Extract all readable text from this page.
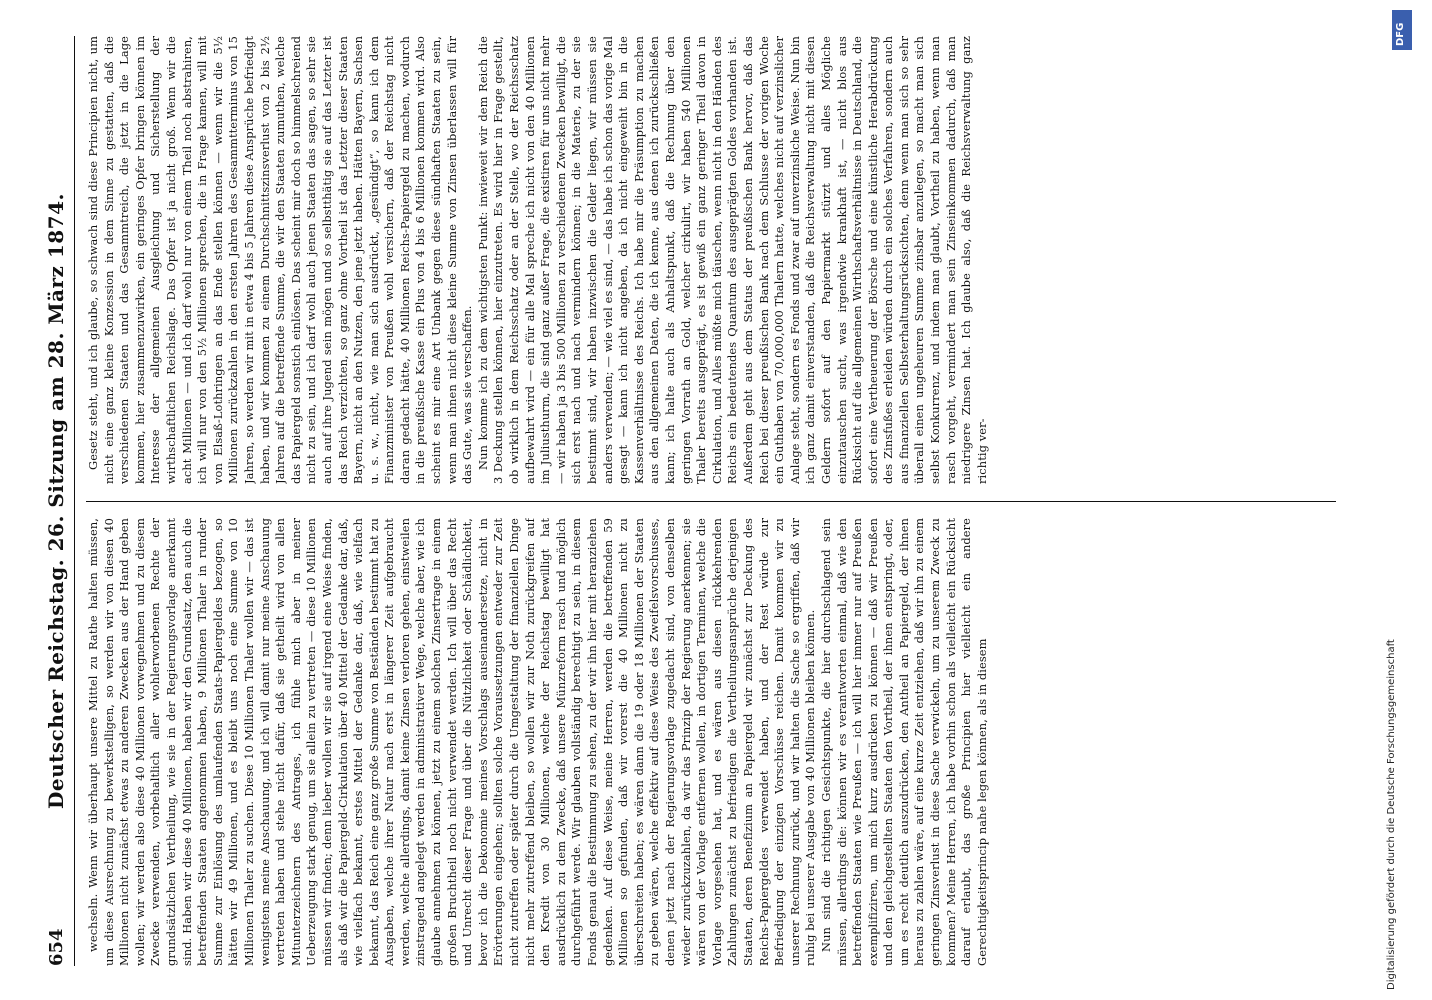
654
Deutscher Reichstag. 26. Sitzung am 28. März 1874. wechseln. Wenn wir überhaupt unsere Mittel zu Rathe halten müssen, um diese Ausrechnung zu bewerkstelligen, so werden wir von diesen 40 Millionen nicht zunächst etwas zu anderen Zwecken aus der Hand geben wollen; wir werden also diese 40 Millionen vorwegnehmen und zu diesem Zwecke verwenden, vorbehaltlich aller wohlerworbenen Rechte der grundsätzlichen Vertheilung, wie sie in der Regierungsvorlage anerkannt sind. Haben wir diese 40 Millionen, haben wir den Grundsatz, den auch die betreffenden Staaten angenommen haben, 9 Millionen Thaler in runder Summe zur Einlösung des umlaufenden Staats-Papiergeldes bezogen, so hätten wir 49 Millionen, und es bleibt uns noch eine Summe von 10 Millionen Thaler zu suchen. Diese 10 Millionen Thaler wollen wir — das ist wenigstens meine Anschauung, und ich will damit nur meine Anschauung vertreten haben und stehe nicht dafür, daß sie getheilt wird von allen Mitunterzeichnern des Antrages, ich fühle mich aber in meiner Ueberzeugung stark genug, um sie allein zu vertreten — diese 10 Millionen müssen wir finden; denn lieber wollen wir sie auf irgend eine Weise finden, als daß wir die Papiergeld-Cirkulation über 40 Mittel der Gedanke dar, daß, wie vielfach bekannt, erstes Mittel der Gedanke dar, daß, wie vielfach bekannt, das Reich eine ganz große Summe von Beständen bestimmt hat zu Ausgaben, welche ihrer Natur nach erst in längerer Zeit aufgebraucht werden, welche allerdings, damit keine Zinsen verloren gehen, einstweilen zinstragend angelegt werden in administrativer Wege, welche aber, wie ich glaube annehmen zu können, jetzt zu einem solchen Zinsertrage in einem großen Bruchtheil noch nicht verwendet werden. Ich will über das Recht und Unrecht dieser Frage und über die Nützlichkeit oder Schädlichkeit, bevor ich die Dekonomie meines Vorschlags auseinandersetze, nicht in Erörterungen eingehen; sollten solche Voraussetzungen entweder zur Zeit nicht zutreffen oder später durch die Umgestaltung der finanziellen Dinge nicht mehr zutreffend bleiben, so wollen wir zur Noth zurückgreifen auf den Kredit von 30 Millionen, welche der Reichstag bewilligt hat ausdrücklich zu dem Zwecke, daß unsere Münzreform rasch und möglich durchgeführt werde. Wir glauben vollständig berechtigt zu sein, in diesem Fonds genau die Bestimmung zu sehen, zu der wir ihn hier mit heranziehen gedenken. Auf diese Weise, meine Herren, werden die betreffenden 59 Millionen so gefunden, daß wir vorerst die 40 Millionen nicht zu überschreiten haben; es wären dann die 19 oder 18 Millionen der Staaten zu geben wären, welche effektiv auf diese Weise des Zweifelsvorschusses, denen jetzt nach der Regierungsvorlage zugedacht sind, von denselben wieder zurückzuzahlen, da wir das Prinzip der Regierung anerkennen; sie wären von der Vorlage entfernen wollen, in dortigen Terminen, welche die Vorlage vorgesehen hat, und es wären aus diesen rückkehrenden Zahlungen zunächst zu befriedigen die Vertheilungsansprüche derjenigen Staaten, deren Benefizium an Papiergeld wir zunächst zur Deckung des Reichs-Papiergeldes verwendet haben, und der Rest würde zur Befriedigung der einzigen Vorschüsse reichen. Damit kommen wir zu unserer Rechnung zurück, und wir halten die Sache so ergriffen, daß wir ruhig bei unserer Ausgabe von 40 Millionen bleiben können. Nun sind die richtigen Gesichtspunkte, die hier durchschlagend sein müssen, allerdings die: können wir es verantworten einmal, daß wie den betreffenden Staaten wie Preußen — ich will hier immer nur auf Preußen exemplifiziren, um mich kurz ausdrücken zu können — daß wir Preußen und den gleichgestellten Staaten den Vortheil, der ihnen entspringt, oder, um es recht deutlich auszudrücken, den Antheil an Papiergeld, der ihnen heraus zu zahlen wäre, auf eine kurze Zeit entziehen, daß wir ihn zu einem geringen Zinsverlust in diese Sache verwickeln, um zu unserem Zweck zu kommen? Meine Herren, ich habe vorhin schon als vielleicht ein Rücksicht darauf erlaubt, das große Principien hier vielleicht ein andere Gerechtigkeitsprincip nahe legen können, als in diesem

Gesetz steht, und ich glaube, so schwach sind diese Principien nicht, um nicht eine ganz kleine Konzession in dem Sinne zu gestatten, daß die verschiedenen Staaten und das Gesammtreich, die jetzt in die Lage kommen, hier zusammenzuwirken, ein geringes Opfer bringen können im Interesse der allgemeinen Ausgleichung und Sicherstellung der wirthschaftlichen Reichslage. Das Opfer ist ja nicht groß. Wenn wir die acht Millionen — und ich darf wohl nur von einem Theil noch abstrahiren, ich will nur von den 5½ Millionen sprechen, die in Frage kamen, will mit von Elsaß-Lothringen an das Ende stellen können — wenn wir die 5½ Millionen zurückzahlen in den ersten Jahren des Gesammtterminus von 15 Jahren, so werden wir mit in etwa 4 bis 5 Jahren diese Ansprüche befriedigt haben, und wir kommen zu einem Durchschnittszinsverlust von 2 bis 2½ Jahren auf die betreffende Summe, die wir den Staaten zumuthen, welche das Papiergeld sonstich einlösen. Das scheint mir doch so himmelschreiend nicht zu sein, und ich darf wohl auch jenen Staaten das sagen, so sehr sie auch auf ihre Jugend sein mögen und so selbstthätig sie auf das Letzter ist das Reich verzichten, so ganz ohne Vortheil ist das Letzter dieser Staaten Bayern, nicht an den Nutzen, den jene jetzt haben. Hätten Bayern, Sachsen u. s. w., nicht, wie man sich ausdrückt, „gesündigt“, so kann ich dem Finanzminister von Preußen wohl versichern, daß der Reichstag nicht daran gedacht hätte, 40 Millionen Reichs-Papiergeld zu machen, wodurch in die preußische Kasse ein Plus von 4 bis 6 Millionen kommen wird. Also scheint es mir eine Art Unbank gegen diese sündhaften Staaten zu sein, wenn man ihnen nicht diese kleine Summe von Zinsen überlassen will für das Gute, was sie verschaffen. Nun komme ich zu dem wichtigsten Punkt: inwieweit wir dem Reich die 3 Deckung stellen können, hier einzutreten. Es wird hier in Frage gestellt, ob wirklich in dem Reichsschatz oder an der Stelle, wo der Reichsschatz aufbewahrt wird — ein für alle Mal spreche ich nicht von den 40 Millionen im Juliusthurm, die sind ganz außer Frage, die existiren für uns nicht mehr — wir haben ja 3 bis 500 Millionen zu verschiedenen Zwecken bewilligt, die sich erst nach und nach vermindern können; in die Materie, zu der sie bestimmt sind, wir haben inzwischen die Gelder liegen, wir müssen sie anders verwenden; — wie viel es sind, — das habe ich schon das vorige Mal gesagt — kann ich nicht angeben, da ich nicht eingeweiht bin in die Kassenverhältnisse des Reichs. Ich habe mir die Präsumption zu machen aus den allgemeinen Daten, die ich kenne, aus denen ich zurückschließen kann; ich halte auch als Anhaltspunkt, daß die Rechnung über den geringen Vorrath an Gold, welcher cirkulirt, wir haben 540 Millionen Thaler bereits ausgeprägt, es ist gewiß ein ganz geringer Theil davon in Cirkulation, und Alles müßte mich täuschen, wenn nicht in den Händen des Reichs ein bedeutendes Quantum des ausgeprägten Goldes vorhanden ist. Außerdem geht aus dem Status der preußischen Bank hervor, daß das Reich bei dieser preußischen Bank nach dem Schlusse der vorigen Woche ein Guthaben von 70,000,000 Thalern hatte, welches nicht auf verzinslicher Anlage steht, sondern es Fonds und zwar auf unverzinsliche Weise. Nun bin ich ganz damit einverstanden, daß die Reichsverwaltung nicht mit diesen Geldern sofort auf den Papiermarkt stürzt und alles Mögliche einzutauschen sucht, was irgendwie krankhaft ist, — nicht blos aus Rücksicht auf die allgemeinen Wirthschaftsverhältnisse in Deutschland, die sofort eine Vertheuerung der Börsche und eine künstliche Herabdrückung des Zinsfußes erleiden würden durch ein solches Verfahren, sondern auch aus finanziellen Selbsterhaltungsrücksichten, denn wenn man sich so sehr überall einen ungeheuren Summe zinsbar anzulegen, so macht man sich selbst Konkurrenz, und indem man glaubt, Vortheil zu haben, wenn man rasch vorgeht, vermindert man sein Zinseinkommen dadurch, daß man niedrigere Zinsen hat. Ich glaube also, daß die Reichsverwaltung ganz richtig ver-

DFG
Digitalisierung gefördert durch die Deutsche Forschungsgemeinschaft
